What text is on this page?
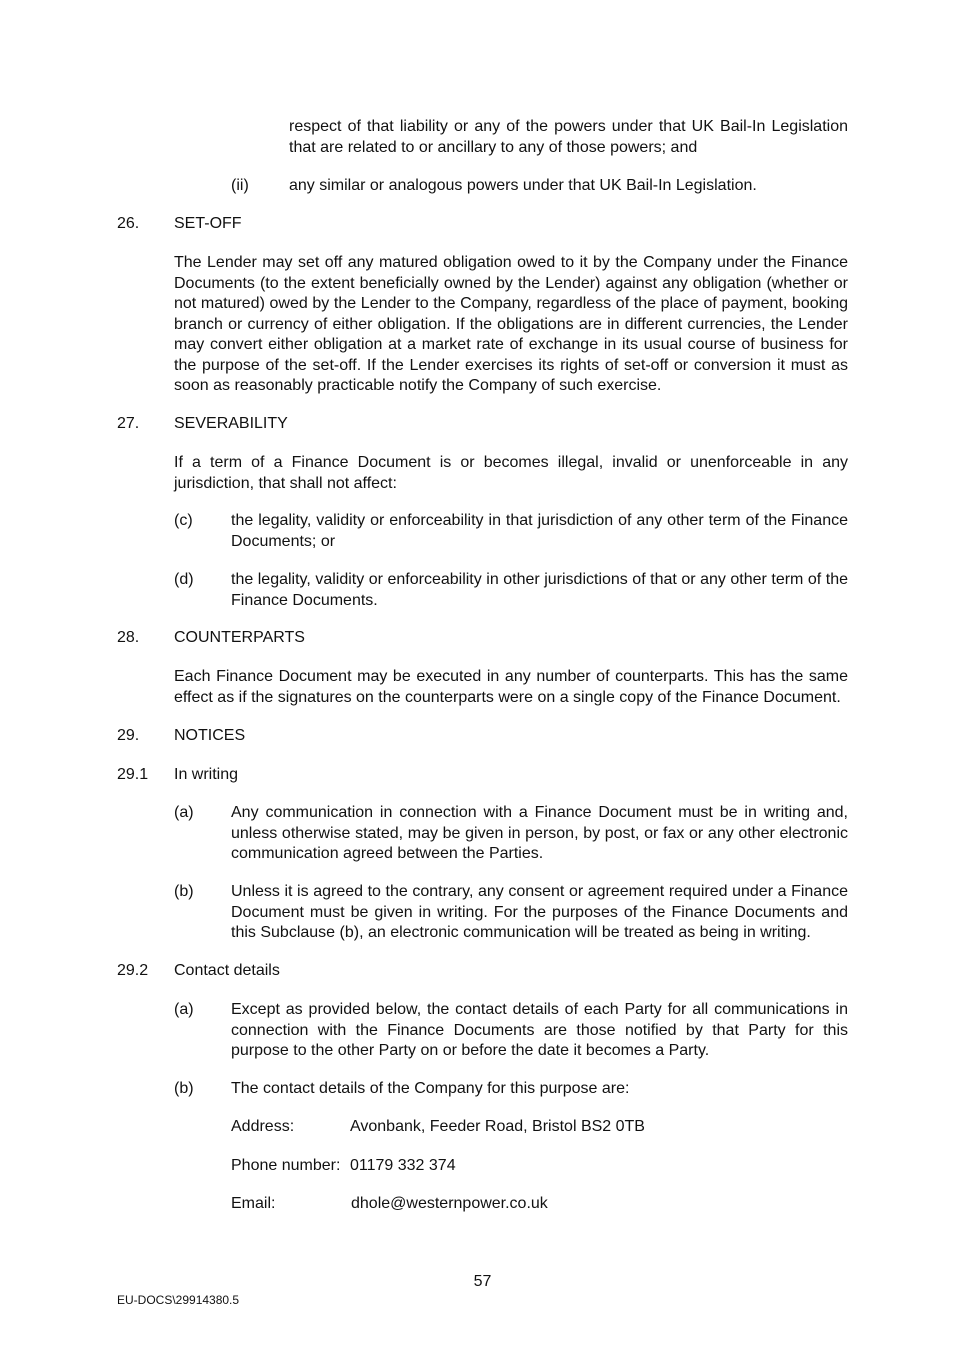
respect of that liability or any of the powers under that UK Bail-In Legislation that are related to or ancillary to any of those powers; and
(ii)	any similar or analogous powers under that UK Bail-In Legislation.
26. SET-OFF
The Lender may set off any matured obligation owed to it by the Company under the Finance Documents (to the extent beneficially owned by the Lender) against any obligation (whether or not matured) owed by the Lender to the Company, regardless of the place of payment, booking branch or currency of either obligation. If the obligations are in different currencies, the Lender may convert either obligation at a market rate of exchange in its usual course of business for the purpose of the set-off. If the Lender exercises its rights of set-off or conversion it must as soon as reasonably practicable notify the Company of such exercise.
27. SEVERABILITY
If a term of a Finance Document is or becomes illegal, invalid or unenforceable in any jurisdiction, that shall not affect:
(c) the legality, validity or enforceability in that jurisdiction of any other term of the Finance Documents; or
(d) the legality, validity or enforceability in other jurisdictions of that or any other term of the Finance Documents.
28. COUNTERPARTS
Each Finance Document may be executed in any number of counterparts. This has the same effect as if the signatures on the counterparts were on a single copy of the Finance Document.
29. NOTICES
29.1 In writing
(a) Any communication in connection with a Finance Document must be in writing and, unless otherwise stated, may be given in person, by post, or fax or any other electronic communication agreed between the Parties.
(b) Unless it is agreed to the contrary, any consent or agreement required under a Finance Document must be given in writing. For the purposes of the Finance Documents and this Subclause (b), an electronic communication will be treated as being in writing.
29.2 Contact details
(a) Except as provided below, the contact details of each Party for all communications in connection with the Finance Documents are those notified by that Party for this purpose to the other Party on or before the date it becomes a Party.
(b) The contact details of the Company for this purpose are:
Address:	Avonbank, Feeder Road, Bristol BS2 0TB
Phone number: 01179 332 374
Email:	dhole@westernpower.co.uk
57
EU-DOCS\29914380.5
